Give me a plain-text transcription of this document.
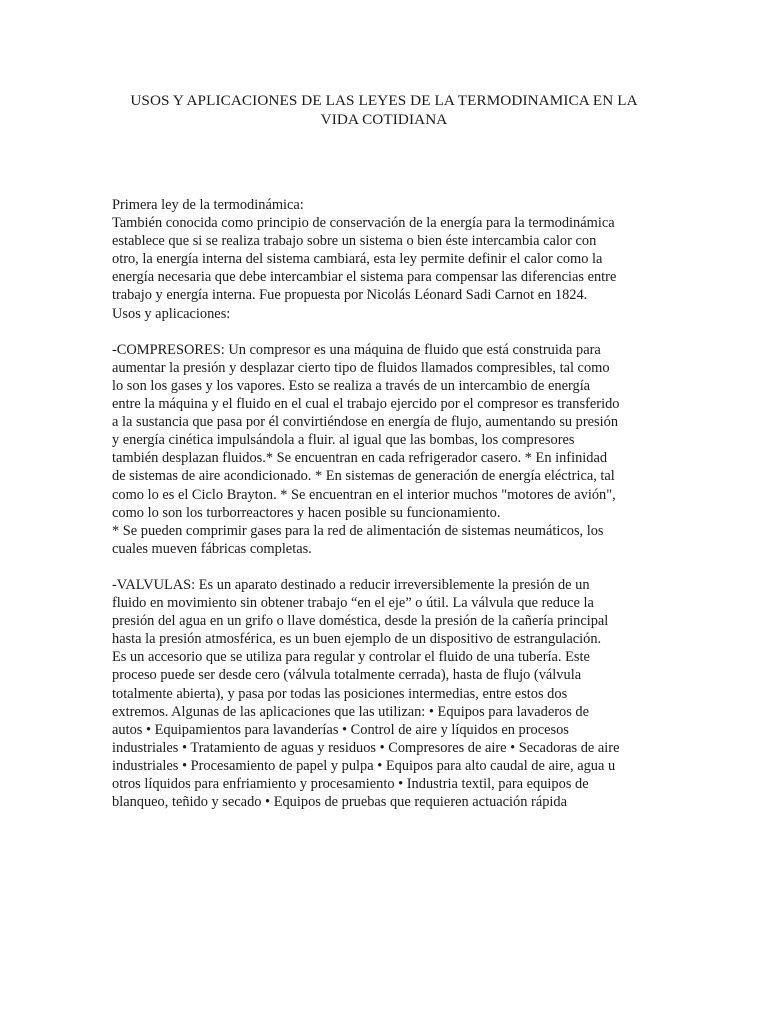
USOS Y APLICACIONES DE LAS LEYES DE LA TERMODINAMICA EN LA
VIDA COTIDIANA
Primera ley de la termodinámica:
También conocida como principio de conservación de la energía para la termodinámica
establece que si se realiza trabajo sobre un sistema o bien éste intercambia calor con
otro, la energía interna del sistema cambiará, esta ley permite definir el calor como la
energía necesaria que debe intercambiar el sistema para compensar las diferencias entre
trabajo y energía interna. Fue propuesta por Nicolás Léonard Sadi Carnot en 1824.
Usos y aplicaciones:
-COMPRESORES: Un compresor es una máquina de fluido que está construida para
aumentar la presión y desplazar cierto tipo de fluidos llamados compresibles, tal como
lo son los gases y los vapores. Esto se realiza a través de un intercambio de energía
entre la máquina y el fluido en el cual el trabajo ejercido por el compresor es transferido
a la sustancia que pasa por él convirtiéndose en energía de flujo, aumentando su presión
y energía cinética impulsándola a fluir. al igual que las bombas, los compresores
también desplazan fluidos.* Se encuentran en cada refrigerador casero. * En infinidad
de sistemas de aire acondicionado. * En sistemas de generación de energía eléctrica, tal
como lo es el Ciclo Brayton. * Se encuentran en el interior muchos "motores de avión",
como lo son los turborreactores y hacen posible su funcionamiento.
* Se pueden comprimir gases para la red de alimentación de sistemas neumáticos, los
cuales mueven fábricas completas.
-VALVULAS: Es un aparato destinado a reducir irreversiblemente la presión de un
fluido en movimiento sin obtener trabajo “en el eje” o útil. La válvula que reduce la
presión del agua en un grifo o llave doméstica, desde la presión de la cañería principal
hasta la presión atmosférica, es un buen ejemplo de un dispositivo de estrangulación.
Es un accesorio que se utiliza para regular y controlar el fluido de una tubería. Este
proceso puede ser desde cero (válvula totalmente cerrada), hasta de flujo (válvula
totalmente abierta), y pasa por todas las posiciones intermedias, entre estos dos
extremos. Algunas de las aplicaciones que las utilizan: • Equipos para lavaderos de
autos • Equipamientos para lavanderías • Control de aire y líquidos en procesos
industriales • Tratamiento de aguas y residuos • Compresores de aire • Secadoras de aire
industriales • Procesamiento de papel y pulpa • Equipos para alto caudal de aire, agua u
otros líquidos para enfriamiento y procesamiento • Industria textil, para equipos de
blanqueo, teñido y secado • Equipos de pruebas que requieren actuación rápida
